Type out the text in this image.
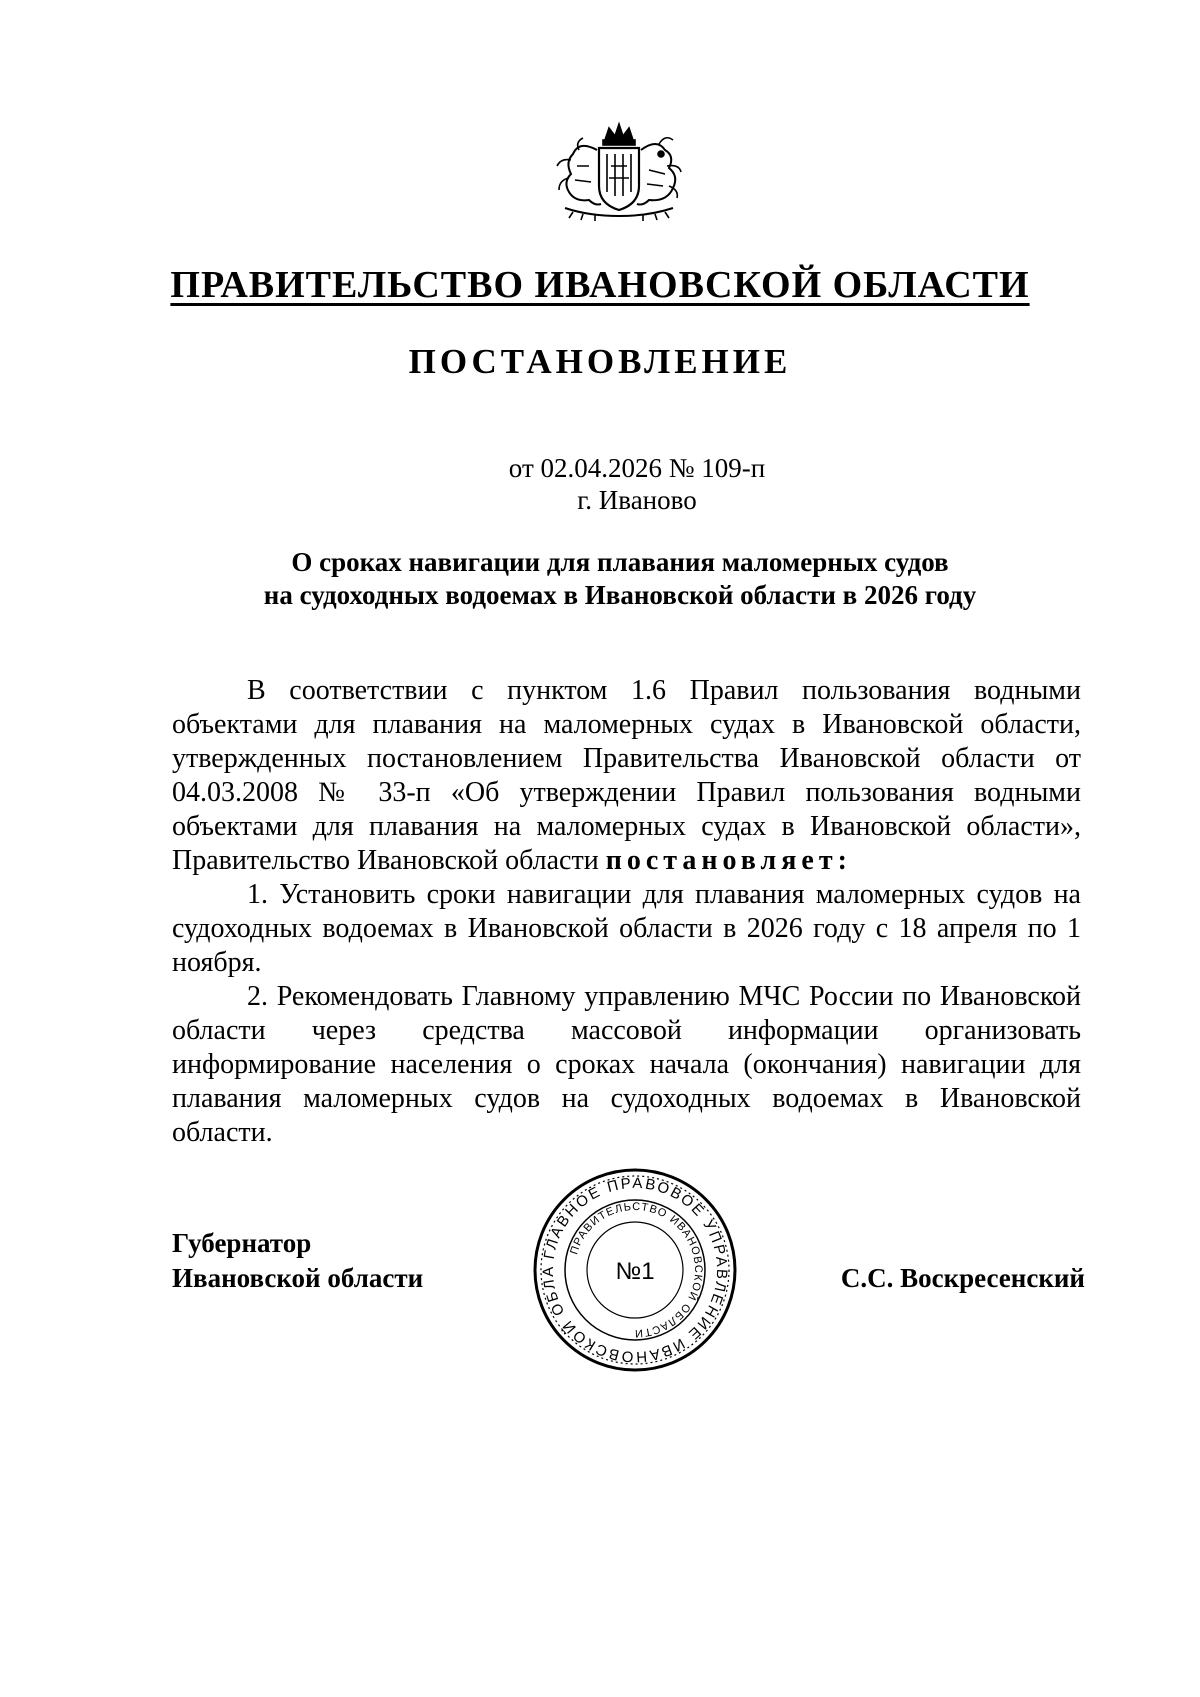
ПРАВИТЕЛЬСТВО ИВАНОВСКОЙ ОБЛАСТИ
ПОСТАНОВЛЕНИЕ
от 02.04.2026 № 109-п
г. Иваново
О сроках навигации для плавания маломерных судов
на судоходных водоемах в Ивановской области в 2026 году

В соответствии с пунктом 1.6 Правил пользования водными объектами для плавания на маломерных судах в Ивановской области, утвержденных постановлением Правительства Ивановской области от 04.03.2008 № 33-п «Об утверждении Правил пользования водными объектами для плавания на маломерных судах в Ивановской области», Правительство Ивановской области постановляет:

1. Установить сроки навигации для плавания маломерных судов на судоходных водоемах в Ивановской области в 2026 году с 18 апреля по 1 ноября.

2. Рекомендовать Главному управлению МЧС России по Ивановской области через средства массовой информации организовать информирование населения о сроках начала (окончания) навигации для плавания маломерных судов на судоходных водоемах в Ивановской области.

Губернатор
Ивановской области
ГЛАВНОЕ ПРАВОВОЕ УПРАВЛЕНИЕ ИВАНОВСКОЙ ОБЛА
ПРАВИТЕЛЬСТВО ИВАНОВСКОЙ ОБЛАСТИ
№1	С.С. Воскресенский
